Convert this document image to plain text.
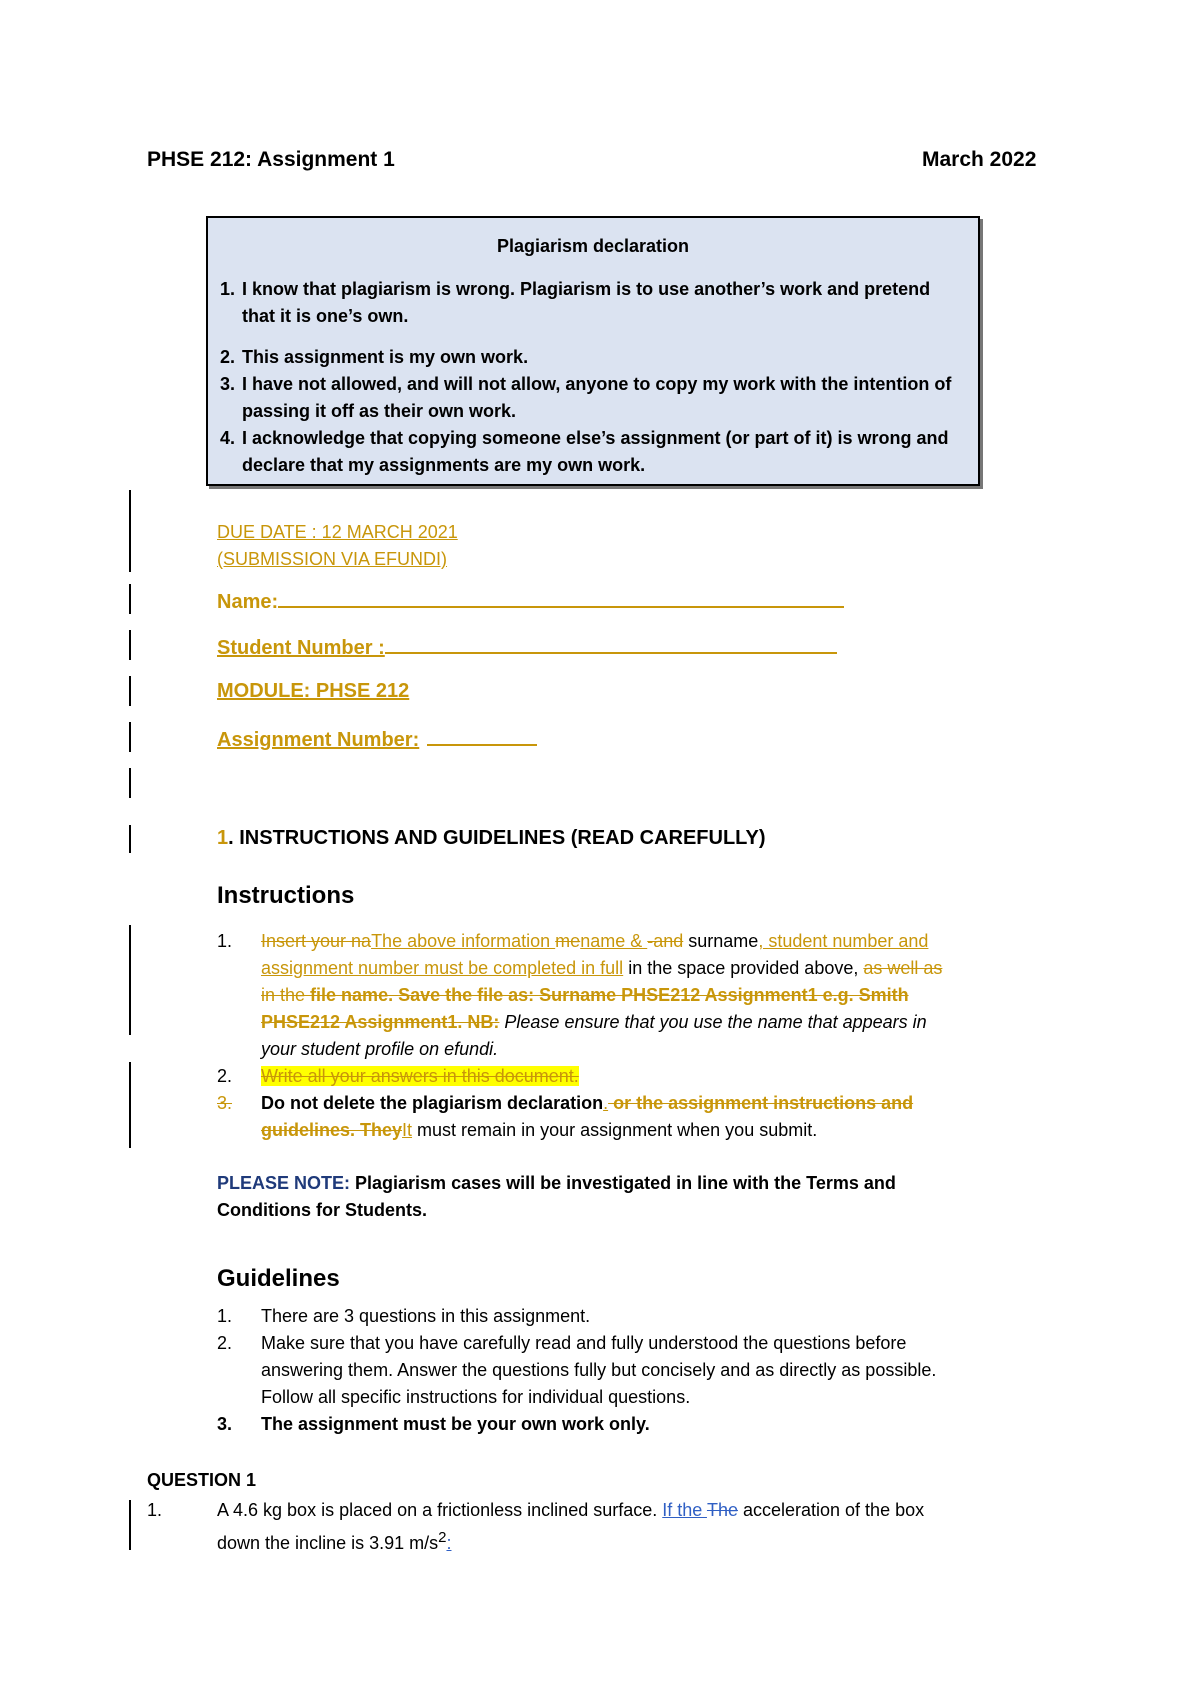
PHSE 212: Assignment 1	March 2022
Plagiarism declaration
1. I know that plagiarism is wrong. Plagiarism is to use another’s work and pretend that it is one’s own.
2. This assignment is my own work.
3. I have not allowed, and will not allow, anyone to copy my work with the intention of passing it off as their own work.
4. I acknowledge that copying someone else’s assignment (or part of it) is wrong and declare that my assignments are my own work.
DUE DATE : 12 MARCH 2021
(SUBMISSION VIA EFUNDI)
Name:
Student Number :
MODULE: PHSE 212
Assignment Number:
1. INSTRUCTIONS AND GUIDELINES (READ CAREFULLY)
Instructions
1. Insert your naThe above information mename & -and surname, student number and assignment number must be completed in full in the space provided above, as well as in the file name. Save the file as: Surname PHSE212 Assignment1 e.g. Smith PHSE212 Assignment1. NB: Please ensure that you use the name that appears in your student profile on efundi.
2. Write all your answers in this document.
3. Do not delete the plagiarism declaration. or the assignment instructions and guidelines. TheyIt must remain in your assignment when you submit.
PLEASE NOTE: Plagiarism cases will be investigated in line with the Terms and Conditions for Students.
Guidelines
1. There are 3 questions in this assignment.
2. Make sure that you have carefully read and fully understood the questions before answering them. Answer the questions fully but concisely and as directly as possible. Follow all specific instructions for individual questions.
3. The assignment must be your own work only.
QUESTION 1
1.	A 4.6 kg box is placed on a frictionless inclined surface. If the The acceleration of the box down the incline is 3.91 $m/s^2$:
